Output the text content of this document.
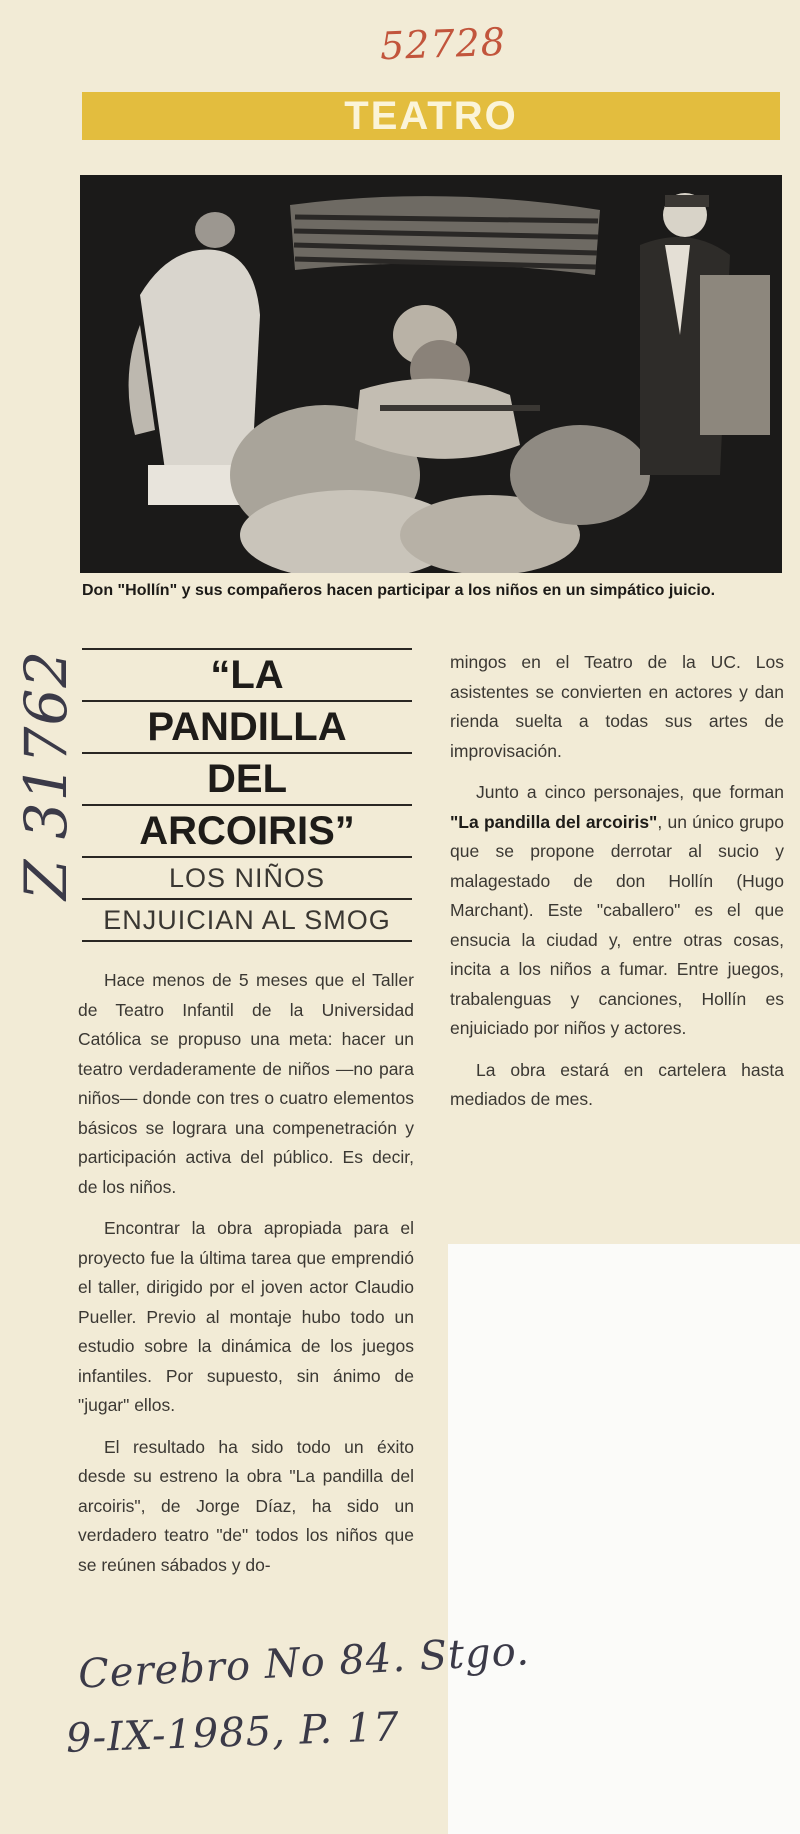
52728
Z 31762
TEATRO
Don "Hollín" y sus compañeros hacen participar a los niños en un simpático juicio.
“LA
PANDILLA
DEL
ARCOIRIS”
LOS NIÑOS
ENJUICIAN AL SMOG

Hace menos de 5 meses que el Taller de Teatro Infantil de la Universidad Católica se propuso una meta: hacer un teatro verdaderamente de niños —no para niños— donde con tres o cuatro elementos básicos se lograra una compenetración y participación activa del público. Es decir, de los niños.

Encontrar la obra apropiada para el proyecto fue la última tarea que emprendió el taller, dirigido por el joven actor Claudio Pueller. Previo al montaje hubo todo un estudio sobre la dinámica de los juegos infantiles. Por supuesto, sin ánimo de "jugar" ellos.

El resultado ha sido todo un éxito desde su estreno la obra "La pandilla del arcoiris", de Jorge Díaz, ha sido un verdadero teatro "de" todos los niños que se reúnen sábados y do-

mingos en el Teatro de la UC. Los asistentes se convierten en actores y dan rienda suelta a todas sus artes de improvisación.

Junto a cinco personajes, que forman "La pandilla del arcoiris", un único grupo que se propone derrotar al sucio y malagestado de don Hollín (Hugo Marchant). Este "caballero" es el que ensucia la ciudad y, entre otras cosas, incita a los niños a fumar. Entre juegos, trabalenguas y canciones, Hollín es enjuiciado por niños y actores.

La obra estará en cartelera hasta mediados de mes.

Cerebro No 84. Stgo.
9-IX-1985, P. 17
